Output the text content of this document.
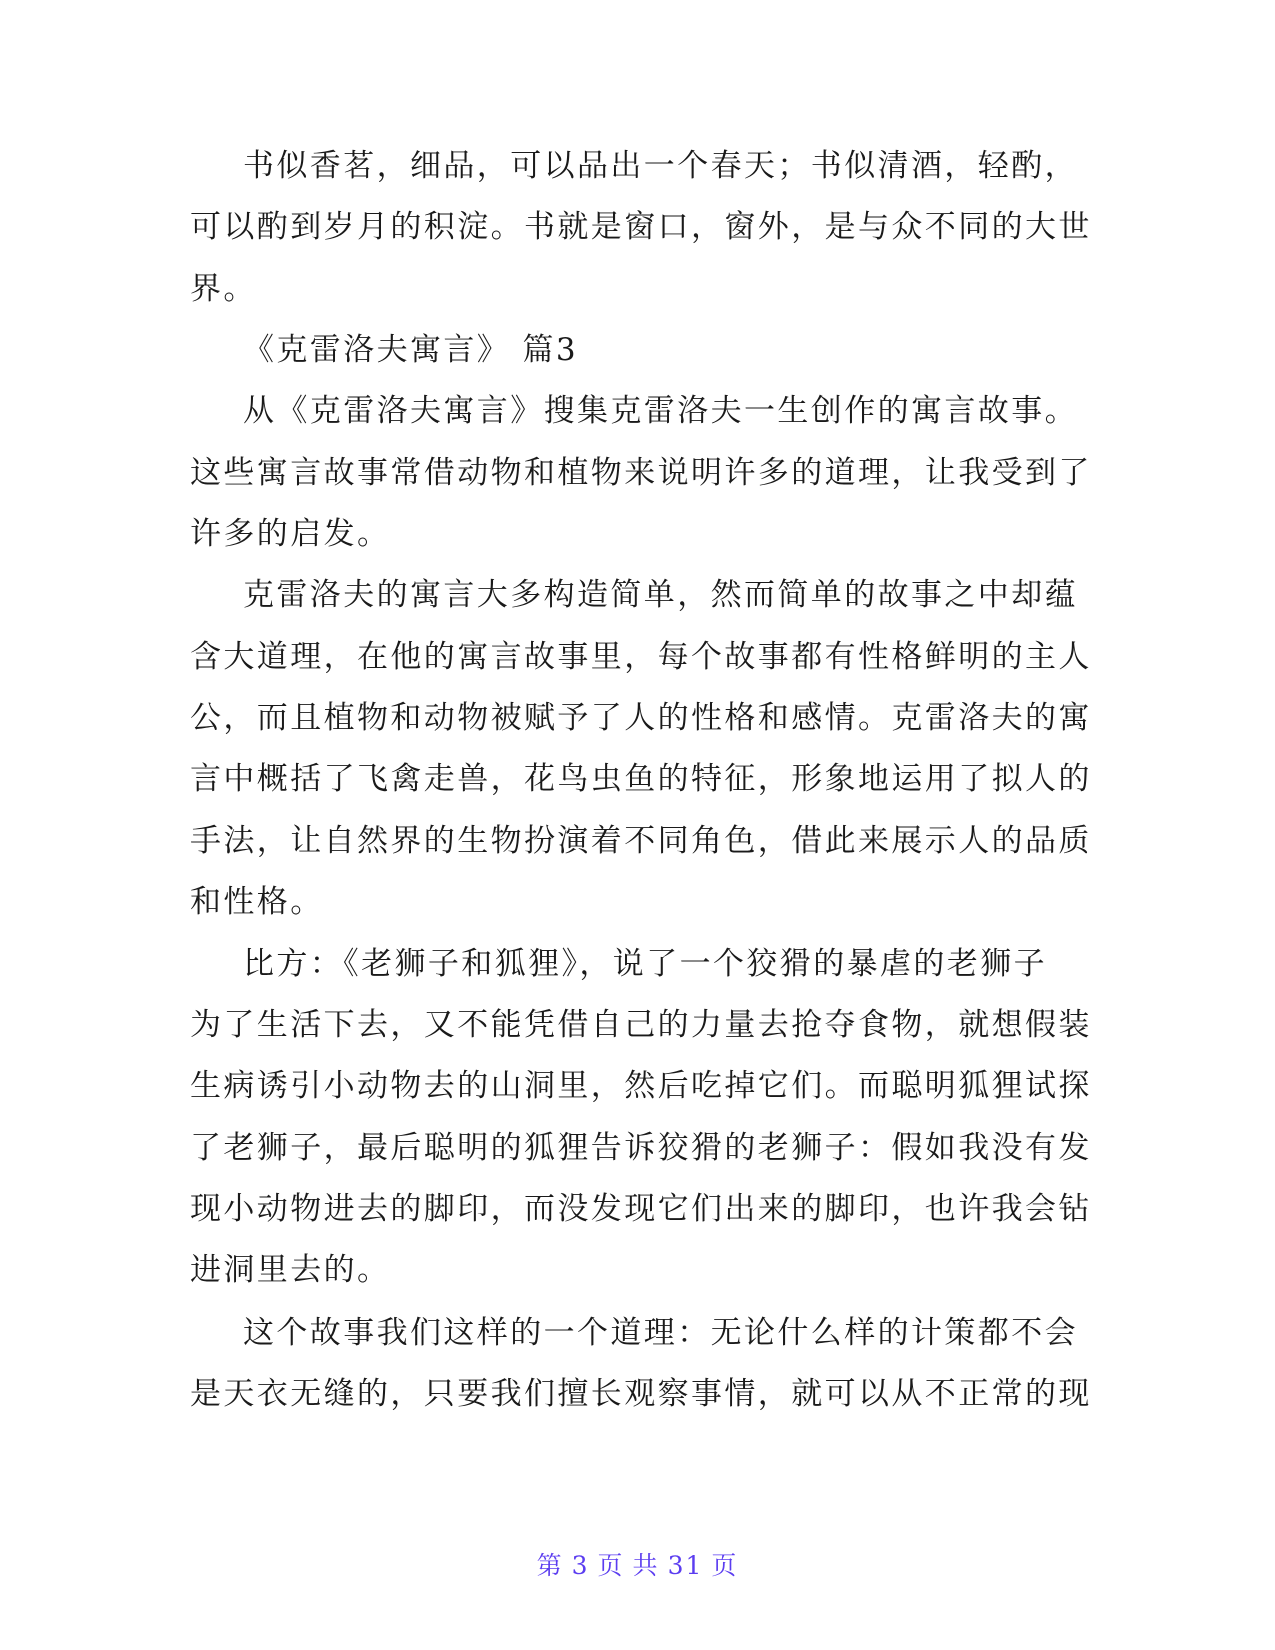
书似香茗，细品，可以品出一个春天；书似清酒，轻酌，
可以酌到岁月的积淀。书就是窗口，窗外，是与众不同的大世
界。
《克雷洛夫寓言》 篇3
从《克雷洛夫寓言》搜集克雷洛夫一生创作的寓言故事。
这些寓言故事常借动物和植物来说明许多的道理，让我受到了
许多的启发。
克雷洛夫的寓言大多构造简单，然而简单的故事之中却蕴
含大道理，在他的寓言故事里，每个故事都有性格鲜明的主人
公，而且植物和动物被赋予了人的性格和感情。克雷洛夫的寓
言中概括了飞禽走兽，花鸟虫鱼的特征，形象地运用了拟人的
手法，让自然界的生物扮演着不同角色，借此来展示人的品质
和性格。
比方：《老狮子和狐狸》，说了一个狡猾的暴虐的老狮子
为了生活下去，又不能凭借自己的力量去抢夺食物，就想假装
生病诱引小动物去的山洞里，然后吃掉它们。而聪明狐狸试探
了老狮子，最后聪明的狐狸告诉狡猾的老狮子：假如我没有发
现小动物进去的脚印，而没发现它们出来的脚印，也许我会钻
进洞里去的。
这个故事我们这样的一个道理：无论什么样的计策都不会
是天衣无缝的，只要我们擅长观察事情，就可以从不正常的现
第 3 页 共 31 页
